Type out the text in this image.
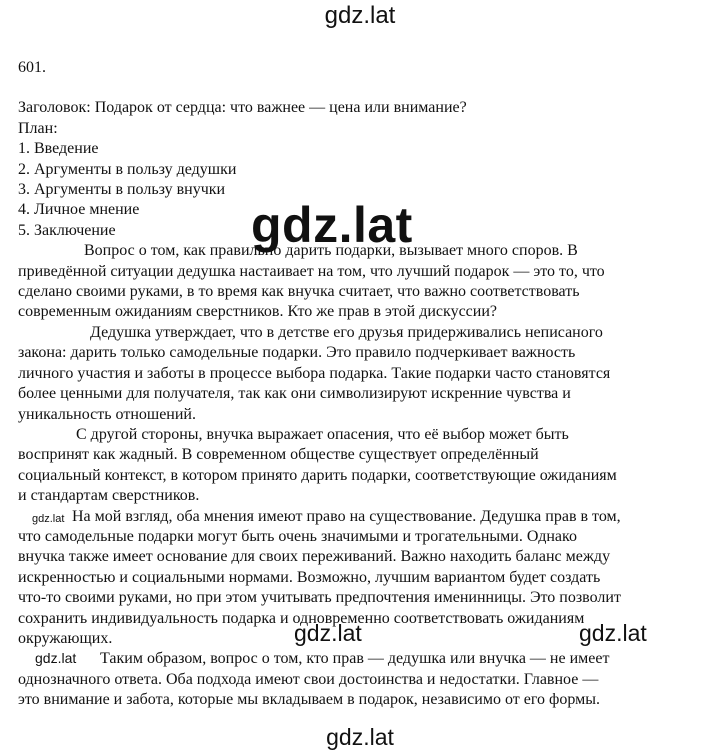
gdz.lat
601.
Заголовок: Подарок от сердца: что важнее — цена или внимание?
План:
1. Введение
2. Аргументы в пользу дедушки
3. Аргументы в пользу внучки
4. Личное мнение
5. Заключение
Вопрос о том, как правильно дарить подарки, вызывает много споров. В
приведённой ситуации дедушка настаивает на том, что лучший подарок — это то, что
сделано своими руками, в то время как внучка считает, что важно соответствовать
современным ожиданиям сверстников. Кто же прав в этой дискуссии?
Дедушка утверждает, что в детстве его друзья придерживались неписаного
закона: дарить только самодельные подарки. Это правило подчеркивает важность
личного участия и заботы в процессе выбора подарка. Такие подарки часто становятся
более ценными для получателя, так как они символизируют искренние чувства и
уникальность отношений.
С другой стороны, внучка выражает опасения, что её выбор может быть
воспринят как жадный. В современном обществе существует определённый
социальный контекст, в котором принято дарить подарки, соответствующие ожиданиям
и стандартам сверстников.
На мой взгляд, оба мнения имеют право на существование. Дедушка прав в том,
что самодельные подарки могут быть очень значимыми и трогательными. Однако
внучка также имеет основание для своих переживаний. Важно находить баланс между
искренностью и социальными нормами. Возможно, лучшим вариантом будет создать
что-то своими руками, но при этом учитывать предпочтения именинницы. Это позволит
сохранить индивидуальность подарка и одновременно соответствовать ожиданиям
окружающих.
Таким образом, вопрос о том, кто прав — дедушка или внучка — не имеет
однозначного ответа. Оба подхода имеют свои достоинства и недостатки. Главное —
это внимание и забота, которые мы вкладываем в подарок, независимо от его формы.
gdz.lat
gdz.lat
gdz.lat	gdz.lat
gdz.lat
gdz.lat
